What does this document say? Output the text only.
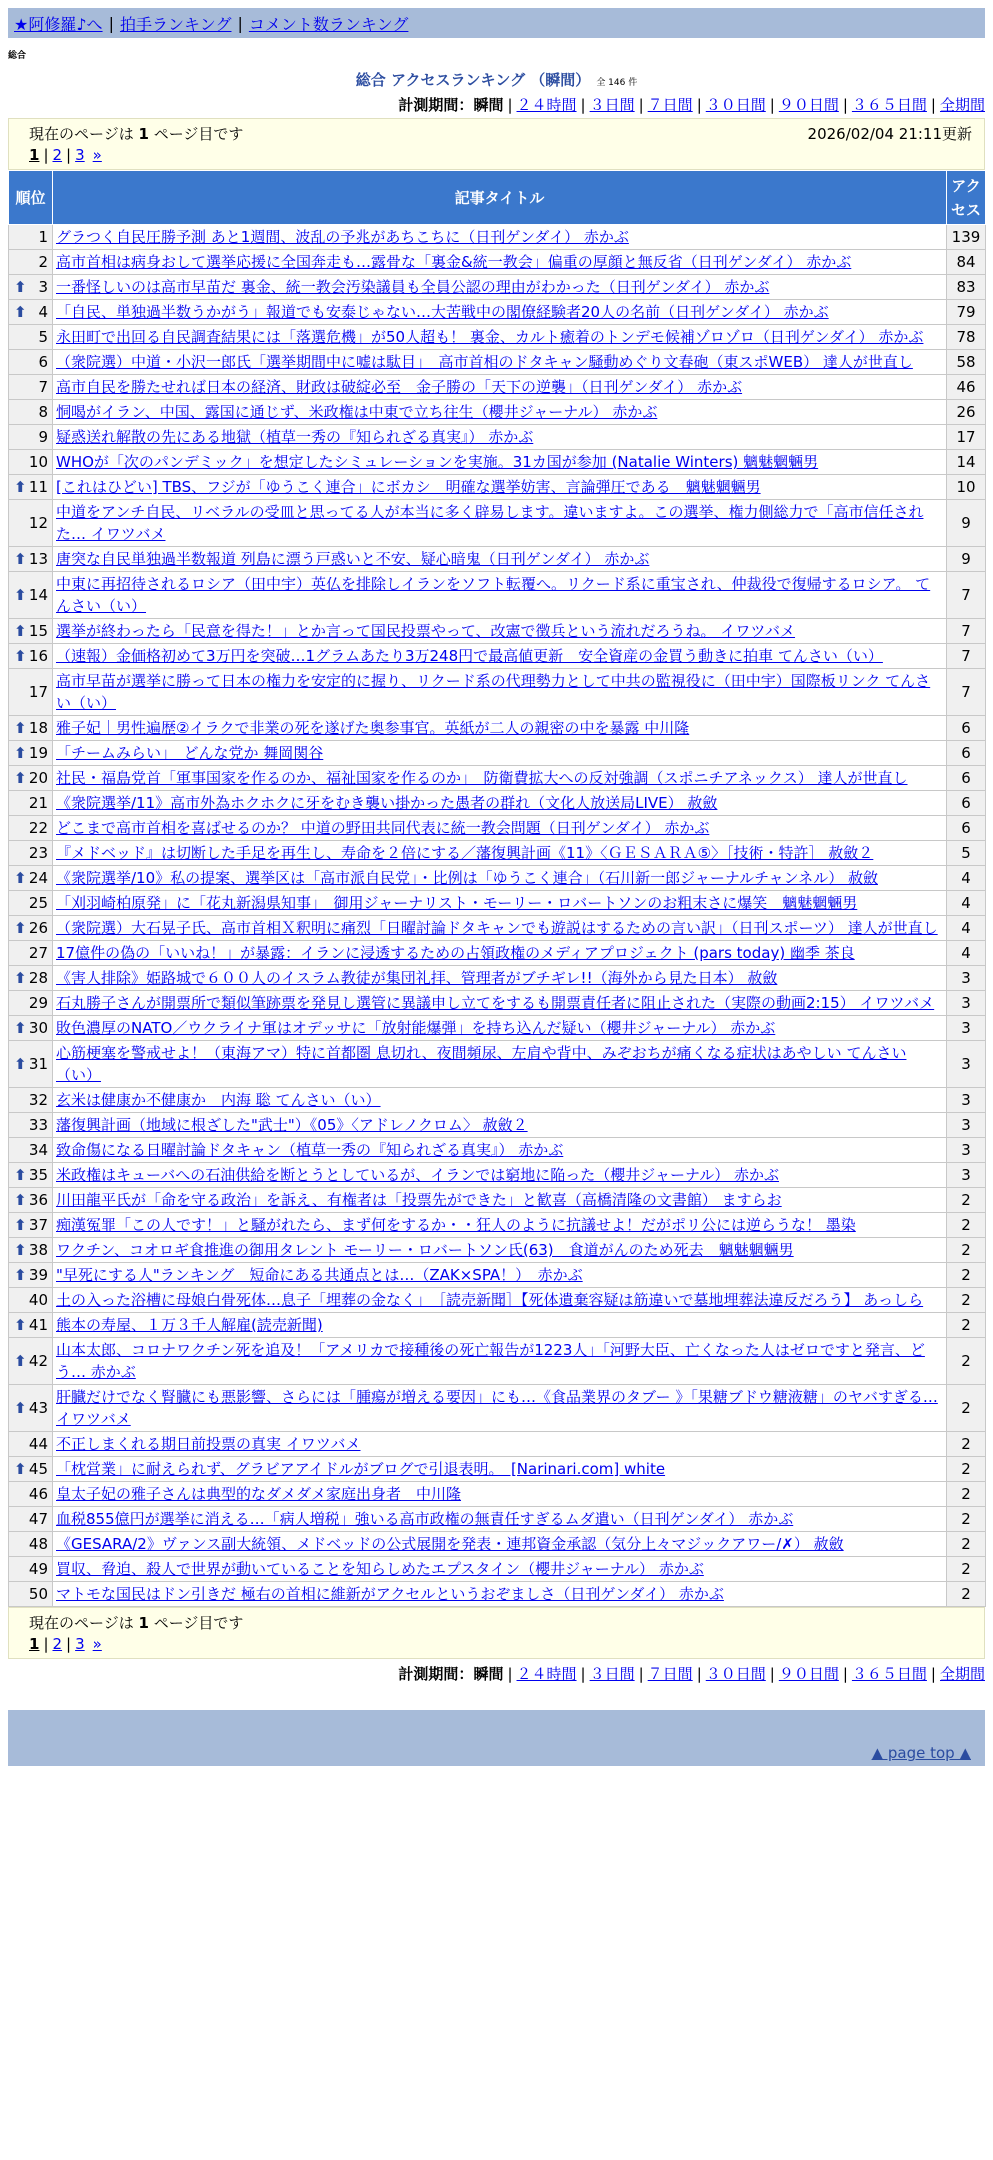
★阿修羅♪へ | 拍手ランキング | コメント数ランキング
総合
総合 アクセスランキング （瞬間） 全 146 件
計測期間：瞬間 | ２４時間 | ３日間 | ７日間 | ３０日間 | ９０日間 | ３６５日間 | 全期間
現在のページは 1 ページ目です	2026/02/04 21:11更新
1 | 2 | 3 »
順位	記事タイトル	アクセス
1	グラつく自民圧勝予測 あと1週間、波乱の予兆があちこちに（日刊ゲンダイ） 赤かぶ	139
2	高市首相は病身おして選挙応援に全国奔走も…露骨な「裏金&統一教会」偏重の厚顔と無反省（日刊ゲンダイ） 赤かぶ	84

⬆ 3	一番怪しいのは高市早苗だ 裏金、統一教会汚染議員も全員公認の理由がわかった（日刊ゲンダイ） 赤かぶ	83

⬆ 4	「自民、単独過半数うかがう」報道でも安泰じゃない…大苦戦中の閣僚経験者20人の名前（日刊ゲンダイ） 赤かぶ	79
5	永田町で出回る自民調査結果には「落選危機」が50人超も！ 裏金、カルト癒着のトンデモ候補ゾロゾロ（日刊ゲンダイ） 赤かぶ	78
6	（衆院選）中道・小沢一郎氏「選挙期間中に嘘は駄目」　高市首相のドタキャン騒動めぐり文春砲（東スポWEB） 達人が世直し	58
7	高市自民を勝たせれば日本の経済、財政は破綻必至　金子勝の「天下の逆襲」（日刊ゲンダイ） 赤かぶ	46
8	恫喝がイラン、中国、露国に通じず、米政権は中東で立ち往生（櫻井ジャーナル） 赤かぶ	26
9	疑惑送れ解散の先にある地獄（植草一秀の『知られざる真実』） 赤かぶ	17
10	WHOが「次のパンデミック」を想定したシミュレーションを実施。31カ国が参加 (Natalie Winters) 魑魅魍魎男	14

⬆ 11	[これはひどい] TBS、フジが「ゆうこく連合」にボカシ　明確な選挙妨害、言論弾圧である　魑魅魍魎男	10
12	中道をアンチ自民、リベラルの受皿と思ってる人が本当に多く辟易します。違いますよ。この選挙、権力側総力で「高市信任された… イワツバメ	9

⬆ 13	唐突な自民単独過半数報道 列島に漂う戸惑いと不安、疑心暗鬼（日刊ゲンダイ） 赤かぶ	9

⬆ 14	中東に再招待されるロシア（田中宇）英仏を排除しイランをソフト転覆へ。リクード系に重宝され、仲裁役で復帰するロシア。 てんさい（い）	7

⬆ 15	選挙が終わったら「民意を得た！」とか言って国民投票やって、改憲で徴兵という流れだろうね。 イワツバメ	7

⬆ 16	（速報）金価格初めて3万円を突破…1グラムあたり3万248円で最高値更新　安全資産の金買う動きに拍車 てんさい（い）	7
17	高市早苗が選挙に勝って日本の権力を安定的に握り、リクード系の代理勢力として中共の監視役に（田中宇）国際板リンク てんさい（い）	7

⬆ 18	雅子妃｜男性遍歴②イラクで非業の死を遂げた奥参事官。英紙が二人の親密の中を暴露 中川隆	6

⬆ 19	「チームみらい」　どんな党か 舞岡関谷	6

⬆ 20	社民・福島党首「軍事国家を作るのか、福祉国家を作るのか」　防衛費拡大への反対強調（スポニチアネックス） 達人が世直し	6
21	《衆院選挙/11》高市外為ホクホクに牙をむき襲い掛かった愚者の群れ（文化人放送局LIVE） 赦斂	6
22	どこまで高市首相を喜ばせるのか？ 中道の野田共同代表に統一教会問題（日刊ゲンダイ） 赤かぶ	6
23	『メドベッド』は切断した手足を再生し、寿命を２倍にする／藩復興計画《11》〈ＧＥＳＡＲＡ⑤〉［技術・特許］ 赦斂２	5

⬆ 24	《衆院選挙/10》私の提案、選挙区は「高市派自民党」・比例は「ゆうこく連合」（石川新一郎ジャーナルチャンネル） 赦斂	4
25	「刈羽崎柏原発」に「花丸新潟県知事」　御用ジャーナリスト・モーリー・ロバートソンのお粗末さに爆笑　魑魅魍魎男	4

⬆ 26	（衆院選）大石晃子氏、高市首相Ｘ釈明に痛烈「日曜討論ドタキャンでも遊説はするための言い訳」（日刊スポーツ） 達人が世直し	4
27	17億件の偽の「いいね！」が暴露：イランに浸透するための占領政権のメディアプロジェクト (pars today) 幽季 茶良	4

⬆ 28	《害人排除》姫路城で６００人のイスラム教徒が集団礼拝、管理者がブチギレ!!（海外から見た日本） 赦斂	3
29	石丸勝子さんが開票所で類似筆跡票を発見し選管に異議申し立てをするも開票責任者に阻止された（実際の動画2:15） イワツバメ	3

⬆ 30	敗色濃厚のNATO／ウクライナ軍はオデッサに「放射能爆弾」を持ち込んだ疑い（櫻井ジャーナル） 赤かぶ	3

⬆ 31	心筋梗塞を警戒せよ！（東海アマ）特に首都圏 息切れ、夜間頻尿、左肩や背中、みぞおちが痛くなる症状はあやしい てんさい（い）	3
32	玄米は健康か不健康か　内海 聡 てんさい（い）	3
33	藩復興計画（地域に根ざした"武士"）《05》〈アドレノクロム〉 赦斂２	3
34	致命傷になる日曜討論ドタキャン（植草一秀の『知られざる真実』） 赤かぶ	3

⬆ 35	米政権はキューバへの石油供給を断とうとしているが、イランでは窮地に陥った（櫻井ジャーナル） 赤かぶ	3

⬆ 36	川田龍平氏が「命を守る政治」を訴え、有権者は「投票先ができた」と歓喜（高橋清隆の文書館） ますらお	2

⬆ 37	痴漢冤罪「この人です！」と騒がれたら、まず何をするか・・狂人のように抗議せよ！だがポリ公には逆らうな！ 墨染	2

⬆ 38	ワクチン、コオロギ食推進の御用タレント モーリー・ロバートソン氏(63)　食道がんのため死去　魑魅魍魎男	2

⬆ 39	"早死にする人"ランキング　短命にある共通点とは…（ZAK×SPA！）　赤かぶ	2
40	土の入った浴槽に母娘白骨死体…息子「埋葬の金なく」　［読売新聞］【死体遺棄容疑は筋違いで墓地埋葬法違反だろう】 あっしら	2

⬆ 41	熊本の寿屋、１万３千人解雇(読売新聞)	2

⬆ 42	山本太郎、コロナワクチン死を追及！「アメリカで接種後の死亡報告が1223人」「河野大臣、亡くなった人はゼロですと発言、どう… 赤かぶ	2

⬆ 43	肝臓だけでなく腎臓にも悪影響、さらには「腫瘍が増える要因」にも…《食品業界のタブー 》「果糖ブドウ糖液糖」のヤバすぎる… イワツバメ	2
44	不正しまくれる期日前投票の真実 イワツバメ	2

⬆ 45	「枕営業」に耐えられず、グラビアアイドルがブログで引退表明。　[Narinari.com] white	2
46	皇太子妃の雅子さんは典型的なダメダメ家庭出身者　中川隆	2
47	血税855億円が選挙に消える…「病人増税」強いる高市政権の無責任すぎるムダ遣い（日刊ゲンダイ） 赤かぶ	2
48	《GESARA/2》ヴァンス副大統領、メドベッドの公式展開を発表・連邦資金承認（気分上々マジックアワー/✗） 赦斂	2
49	買収、脅迫、殺人で世界が動いていることを知らしめたエプスタイン（櫻井ジャーナル） 赤かぶ	2
50	マトモな国民はドン引きだ 極右の首相に維新がアクセルというおぞましさ（日刊ゲンダイ） 赤かぶ	2
現在のページは 1 ページ目です
1 | 2 | 3 »
計測期間：瞬間 | ２４時間 | ３日間 | ７日間 | ３０日間 | ９０日間 | ３６５日間 | 全期間
▲ page top ▲
